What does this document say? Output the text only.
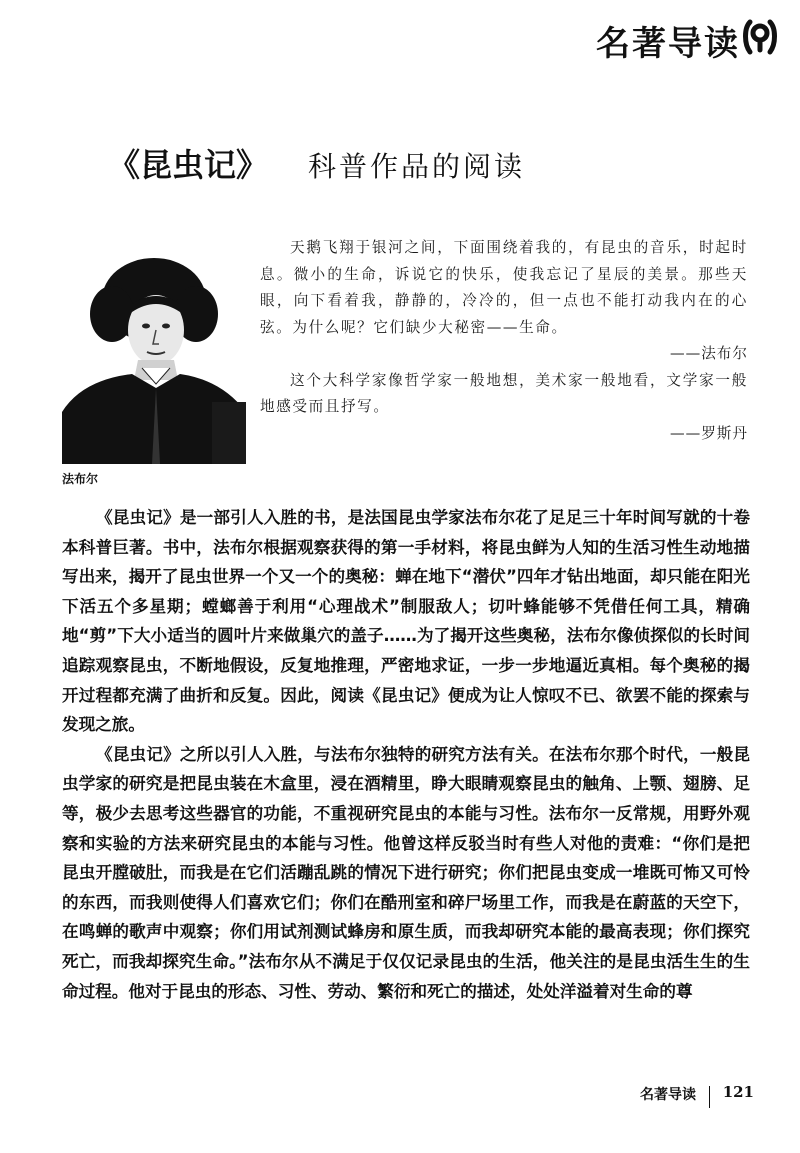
名著导读
《昆虫记》 科普作品的阅读
法布尔

天鹅飞翔于银河之间，下面围绕着我的，有昆虫的音乐，时起时息。微小的生命，诉说它的快乐，使我忘记了星辰的美景。那些天眼，向下看着我，静静的，冷冷的，但一点也不能打动我内在的心弦。为什么呢？它们缺少大秘密——生命。

——法布尔

这个大科学家像哲学家一般地想，美术家一般地看，文学家一般地感受而且抒写。

——罗斯丹

《昆虫记》是一部引人入胜的书，是法国昆虫学家法布尔花了足足三十年时间写就的十卷本科普巨著。书中，法布尔根据观察获得的第一手材料，将昆虫鲜为人知的生活习性生动地描写出来，揭开了昆虫世界一个又一个的奥秘：蝉在地下“潜伏”四年才钻出地面，却只能在阳光下活五个多星期；螳螂善于利用“心理战术”制服敌人；切叶蜂能够不凭借任何工具，精确地“剪”下大小适当的圆叶片来做巢穴的盖子……为了揭开这些奥秘，法布尔像侦探似的长时间追踪观察昆虫，不断地假设，反复地推理，严密地求证，一步一步地逼近真相。每个奥秘的揭开过程都充满了曲折和反复。因此，阅读《昆虫记》便成为让人惊叹不已、欲罢不能的探索与发现之旅。

《昆虫记》之所以引人入胜，与法布尔独特的研究方法有关。在法布尔那个时代，一般昆虫学家的研究是把昆虫装在木盒里，浸在酒精里，睁大眼睛观察昆虫的触角、上颚、翅膀、足等，极少去思考这些器官的功能，不重视研究昆虫的本能与习性。法布尔一反常规，用野外观察和实验的方法来研究昆虫的本能与习性。他曾这样反驳当时有些人对他的责难：“你们是把昆虫开膛破肚，而我是在它们活蹦乱跳的情况下进行研究；你们把昆虫变成一堆既可怖又可怜的东西，而我则使得人们喜欢它们；你们在酷刑室和碎尸场里工作，而我是在蔚蓝的天空下，在鸣蝉的歌声中观察；你们用试剂测试蜂房和原生质，而我却研究本能的最高表现；你们探究死亡，而我却探究生命。”法布尔从不满足于仅仅记录昆虫的生活，他关注的是昆虫活生生的生命过程。他对于昆虫的形态、习性、劳动、繁衍和死亡的描述，处处洋溢着对生命的尊

名著导读 121
